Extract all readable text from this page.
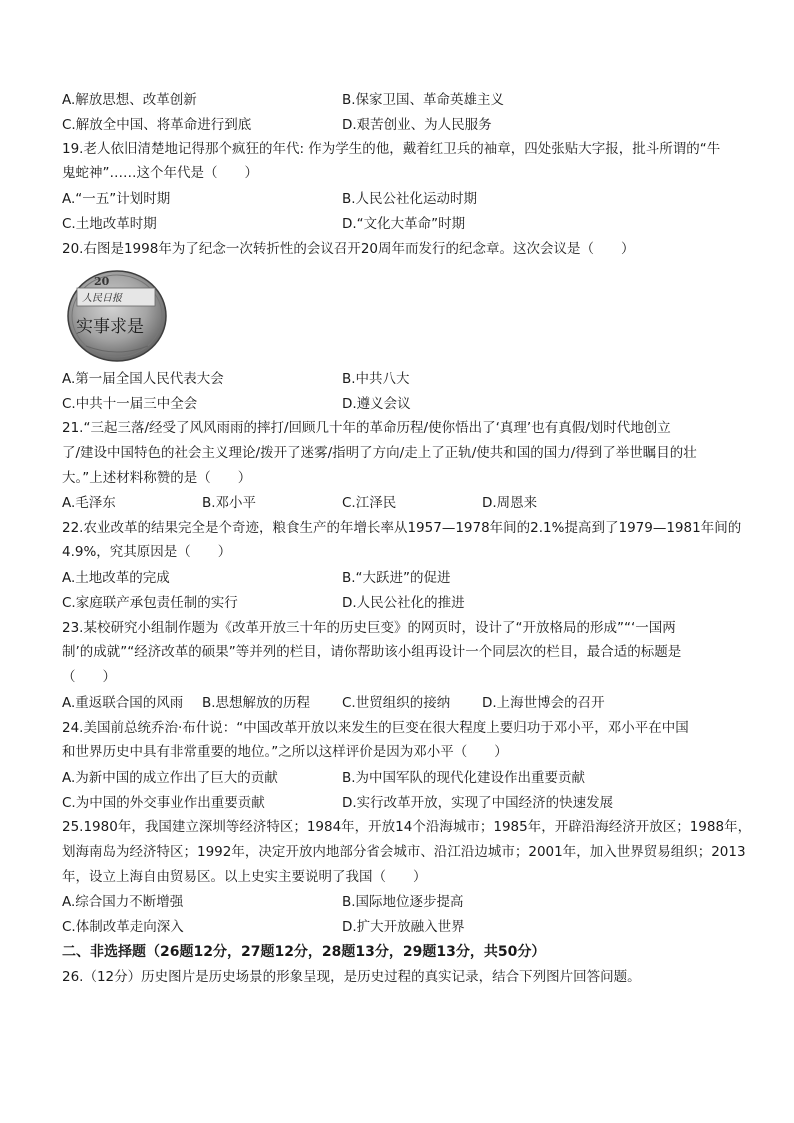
A.解放思想、改革创新	B.保家卫国、革命英雄主义
C.解放全中国、将革命进行到底	D.艰苦创业、为人民服务
19.老人依旧清楚地记得那个疯狂的年代: 作为学生的他，戴着红卫兵的袖章，四处张贴大字报，批斗所谓的“牛
鬼蛇神”……这个年代是（　　）
A.“一五”计划时期	B.人民公社化运动时期
C.土地改革时期	D.“文化大革命”时期
20.右图是1998年为了纪念一次转折性的会议召开20周年而发行的纪念章。这次会议是（　　）
20
人民日报
实事求是
A.第一届全国人民代表大会	B.中共八大
C.中共十一届三中全会	D.遵义会议
21.“三起三落/经受了风风雨雨的摔打/回顾几十年的革命历程/使你悟出了‘真理’也有真假/划时代地创立
了/建设中国特色的社会主义理论/拨开了迷雾/指明了方向/走上了正轨/使共和国的国力/得到了举世瞩目的壮
大。”上述材料称赞的是（　　）
A.毛泽东	B.邓小平	C.江泽民	D.周恩来
22.农业改革的结果完全是个奇迹，粮食生产的年增长率从1957—1978年间的2.1%提高到了1979—1981年间的
4.9%，究其原因是（　　）
A.土地改革的完成	B.“大跃进”的促进
C.家庭联产承包责任制的实行	D.人民公社化的推进
23.某校研究小组制作题为《改革开放三十年的历史巨变》的网页时，设计了“开放格局的形成”“‘一国两
制’的成就”“经济改革的硕果”等并列的栏目，请你帮助该小组再设计一个同层次的栏目，最合适的标题是
（　　）
A.重返联合国的风雨 B.思想解放的历程 C.世贸组织的接纳 D.上海世博会的召开
24.美国前总统乔治·布什说：“中国改革开放以来发生的巨变在很大程度上要归功于邓小平，邓小平在中国
和世界历史中具有非常重要的地位。”之所以这样评价是因为邓小平（　　）
A.为新中国的成立作出了巨大的贡献	B.为中国军队的现代化建设作出重要贡献
C.为中国的外交事业作出重要贡献	D.实行改革开放，实现了中国经济的快速发展
25.1980年，我国建立深圳等经济特区；1984年，开放14个沿海城市；1985年，开辟沿海经济开放区；1988年，
划海南岛为经济特区；1992年，决定开放内地部分省会城市、沿江沿边城市；2001年，加入世界贸易组织；2013
年，设立上海自由贸易区。以上史实主要说明了我国（　　）
A.综合国力不断增强	B.国际地位逐步提高
C.体制改革走向深入	D.扩大开放融入世界
二、非选择题（26题12分，27题12分，28题13分，29题13分，共50分）
26.（12分）历史图片是历史场景的形象呈现，是历史过程的真实记录，结合下列图片回答问题。
